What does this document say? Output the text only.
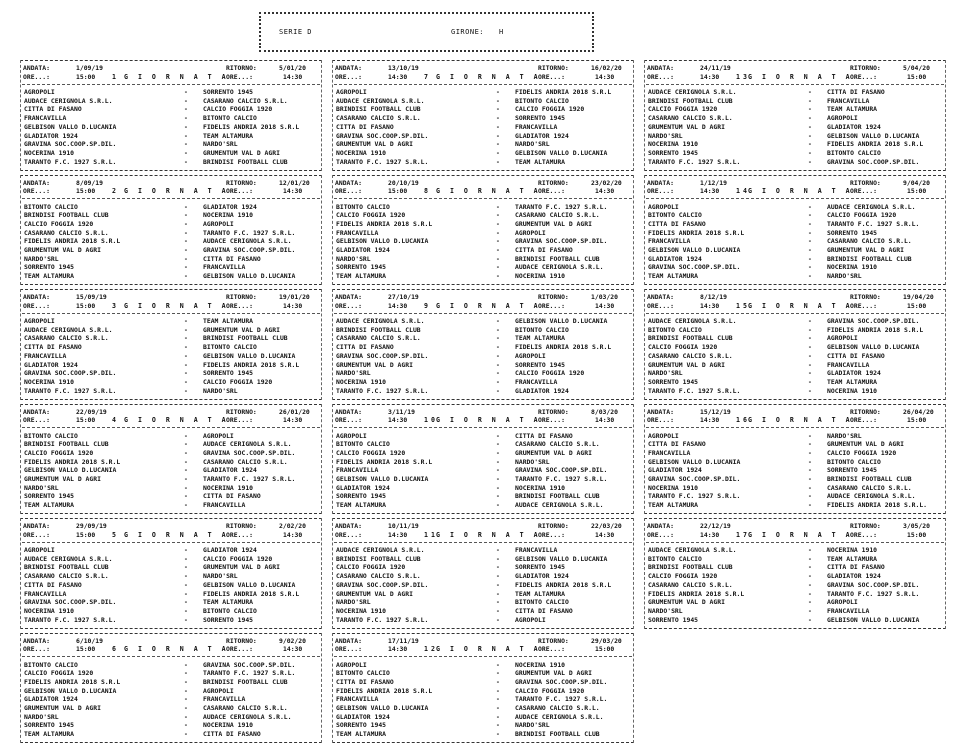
SERIE D	GIRONE: H
ANDATA:	1/09/19	RITORNO:	5/01/20
ORE...:	15:00	1 G I O R N A T A
ORE...:	14:30
AGROPOLI	- SORRENTO 1945
AUDACE CERIGNOLA S.R.L.	- CASARANO CALCIO S.R.L.
CITTA DI FASANO	- CALCIO FOGGIA 1920
FRANCAVILLA	- BITONTO CALCIO
GELBISON VALLO D.LUCANIA	- FIDELIS ANDRIA 2018 S.R.L
GLADIATOR 1924	- TEAM ALTAMURA
GRAVINA SOC.COOP.SP.DIL.	- NARDO'SRL
NOCERINA 1910	- GRUMENTUM VAL D AGRI
TARANTO F.C. 1927 S.R.L.	- BRINDISI FOOTBALL CLUB
ANDATA:	8/09/19	RITORNO:	12/01/20
ORE...:	15:00	2 G I O R N A T A
ORE...:	14:30
BITONTO CALCIO	- GLADIATOR 1924
BRINDISI FOOTBALL CLUB	- NOCERINA 1910
CALCIO FOGGIA 1920	- AGROPOLI
CASARANO CALCIO S.R.L.	- TARANTO F.C. 1927 S.R.L.
FIDELIS ANDRIA 2018 S.R.L	- AUDACE CERIGNOLA S.R.L.
GRUMENTUM VAL D AGRI	- GRAVINA SOC.COOP.SP.DIL.
NARDO'SRL	- CITTA DI FASANO
SORRENTO 1945	- FRANCAVILLA
TEAM ALTAMURA	- GELBISON VALLO D.LUCANIA
ANDATA:	15/09/19	RITORNO:	19/01/20
ORE...:	15:00	3 G I O R N A T A
ORE...:	14:30
AGROPOLI	- TEAM ALTAMURA
AUDACE CERIGNOLA S.R.L.	- GRUMENTUM VAL D AGRI
CASARANO CALCIO S.R.L.	- BRINDISI FOOTBALL CLUB
CITTA DI FASANO	- BITONTO CALCIO
FRANCAVILLA	- GELBISON VALLO D.LUCANIA
GLADIATOR 1924	- FIDELIS ANDRIA 2018 S.R.L
GRAVINA SOC.COOP.SP.DIL.	- SORRENTO 1945
NOCERINA 1910	- CALCIO FOGGIA 1920
TARANTO F.C. 1927 S.R.L.	- NARDO'SRL
ANDATA:	22/09/19	RITORNO:	26/01/20
ORE...:	15:00	4 G I O R N A T A
ORE...:	14:30
BITONTO CALCIO	- AGROPOLI
BRINDISI FOOTBALL CLUB	- AUDACE CERIGNOLA S.R.L.
CALCIO FOGGIA 1920	- GRAVINA SOC.COOP.SP.DIL.
FIDELIS ANDRIA 2018 S.R.L	- CASARANO CALCIO S.R.L.
GELBISON VALLO D.LUCANIA	- GLADIATOR 1924
GRUMENTUM VAL D AGRI	- TARANTO F.C. 1927 S.R.L.
NARDO'SRL	- NOCERINA 1910
SORRENTO 1945	- CITTA DI FASANO
TEAM ALTAMURA	- FRANCAVILLA
ANDATA:	29/09/19	RITORNO:	2/02/20
ORE...:	15:00	5 G I O R N A T A
ORE...:	14:30
AGROPOLI	- GLADIATOR 1924
AUDACE CERIGNOLA S.R.L.	- CALCIO FOGGIA 1920
BRINDISI FOOTBALL CLUB	- GRUMENTUM VAL D AGRI
CASARANO CALCIO S.R.L.	- NARDO'SRL
CITTA DI FASANO	- GELBISON VALLO D.LUCANIA
FRANCAVILLA	- FIDELIS ANDRIA 2018 S.R.L
GRAVINA SOC.COOP.SP.DIL.	- TEAM ALTAMURA
NOCERINA 1910	- BITONTO CALCIO
TARANTO F.C. 1927 S.R.L.	- SORRENTO 1945
ANDATA:	6/10/19	RITORNO:	9/02/20
ORE...:	15:00	6 G I O R N A T A
ORE...:	14:30
BITONTO CALCIO	- GRAVINA SOC.COOP.SP.DIL.
CALCIO FOGGIA 1920	- TARANTO F.C. 1927 S.R.L.
FIDELIS ANDRIA 2018 S.R.L	- BRINDISI FOOTBALL CLUB
GELBISON VALLO D.LUCANIA	- AGROPOLI
GLADIATOR 1924	- FRANCAVILLA
GRUMENTUM VAL D AGRI	- CASARANO CALCIO S.R.L.
NARDO'SRL	- AUDACE CERIGNOLA S.R.L.
SORRENTO 1945	- NOCERINA 1910
TEAM ALTAMURA	- CITTA DI FASANO
ANDATA:	13/10/19	RITORNO:	16/02/20
ORE...:	14:30	7 G I O R N A T A
ORE...:	14:30
AGROPOLI	- FIDELIS ANDRIA 2018 S.R.L
AUDACE CERIGNOLA S.R.L.	- BITONTO CALCIO
BRINDISI FOOTBALL CLUB	- CALCIO FOGGIA 1920
CASARANO CALCIO S.R.L.	- SORRENTO 1945
CITTA DI FASANO	- FRANCAVILLA
GRAVINA SOC.COOP.SP.DIL.	- GLADIATOR 1924
GRUMENTUM VAL D AGRI	- NARDO'SRL
NOCERINA 1910	- GELBISON VALLO D.LUCANIA
TARANTO F.C. 1927 S.R.L.	- TEAM ALTAMURA
ANDATA:	20/10/19	RITORNO:	23/02/20
ORE...:	15:00	8 G I O R N A T A
ORE...:	14:30
BITONTO CALCIO	- TARANTO F.C. 1927 S.R.L.
CALCIO FOGGIA 1920	- CASARANO CALCIO S.R.L.
FIDELIS ANDRIA 2018 S.R.L	- GRUMENTUM VAL D AGRI
FRANCAVILLA	- AGROPOLI
GELBISON VALLO D.LUCANIA	- GRAVINA SOC.COOP.SP.DIL.
GLADIATOR 1924	- CITTA DI FASANO
NARDO'SRL	- BRINDISI FOOTBALL CLUB
SORRENTO 1945	- AUDACE CERIGNOLA S.R.L.
TEAM ALTAMURA	- NOCERINA 1910
ANDATA:	27/10/19	RITORNO:	1/03/20
ORE...:	14:30	9 G I O R N A T A
ORE...:	14:30
AUDACE CERIGNOLA S.R.L.	- GELBISON VALLO D.LUCANIA
BRINDISI FOOTBALL CLUB	- BITONTO CALCIO
CASARANO CALCIO S.R.L.	- TEAM ALTAMURA
CITTA DI FASANO	- FIDELIS ANDRIA 2018 S.R.L
GRAVINA SOC.COOP.SP.DIL.	- AGROPOLI
GRUMENTUM VAL D AGRI	- SORRENTO 1945
NARDO'SRL	- CALCIO FOGGIA 1920
NOCERINA 1910	- FRANCAVILLA
TARANTO F.C. 1927 S.R.L.	- GLADIATOR 1924
ANDATA:	3/11/19	RITORNO:	8/03/20
ORE...:	14:30	10
G I O R N A T A
ORE...:	14:30
AGROPOLI	- CITTA DI FASANO
BITONTO CALCIO	- CASARANO CALCIO S.R.L.
CALCIO FOGGIA 1920	- GRUMENTUM VAL D AGRI
FIDELIS ANDRIA 2018 S.R.L	- NARDO'SRL
FRANCAVILLA	- GRAVINA SOC.COOP.SP.DIL.
GELBISON VALLO D.LUCANIA	- TARANTO F.C. 1927 S.R.L.
GLADIATOR 1924	- NOCERINA 1910
SORRENTO 1945	- BRINDISI FOOTBALL CLUB
TEAM ALTAMURA	- AUDACE CERIGNOLA S.R.L.
ANDATA:	10/11/19	RITORNO:	22/03/20
ORE...:	14:30	11
G I O R N A T A
ORE...:	14:30
AUDACE CERIGNOLA S.R.L.	- FRANCAVILLA
BRINDISI FOOTBALL CLUB	- GELBISON VALLO D.LUCANIA
CALCIO FOGGIA 1920	- SORRENTO 1945
CASARANO CALCIO S.R.L.	- GLADIATOR 1924
GRAVINA SOC.COOP.SP.DIL.	- FIDELIS ANDRIA 2018 S.R.L
GRUMENTUM VAL D AGRI	- TEAM ALTAMURA
NARDO'SRL	- BITONTO CALCIO
NOCERINA 1910	- CITTA DI FASANO
TARANTO F.C. 1927 S.R.L.	- AGROPOLI
ANDATA:	17/11/19	RITORNO:	29/03/20
ORE...:	14:30	12
G I O R N A T A
ORE...:	15:00
AGROPOLI	- NOCERINA 1910
BITONTO CALCIO	- GRUMENTUM VAL D AGRI
CITTA DI FASANO	- GRAVINA SOC.COOP.SP.DIL.
FIDELIS ANDRIA 2018 S.R.L	- CALCIO FOGGIA 1920
FRANCAVILLA	- TARANTO F.C. 1927 S.R.L.
GELBISON VALLO D.LUCANIA	- CASARANO CALCIO S.R.L.
GLADIATOR 1924	- AUDACE CERIGNOLA S.R.L.
SORRENTO 1945	- NARDO'SRL
TEAM ALTAMURA	- BRINDISI FOOTBALL CLUB
ANDATA:	24/11/19	RITORNO:	5/04/20
ORE...:	14:30	13
G I O R N A T A
ORE...:	15:00
AUDACE CERIGNOLA S.R.L.	- CITTA DI FASANO
BRINDISI FOOTBALL CLUB	- FRANCAVILLA
CALCIO FOGGIA 1920	- TEAM ALTAMURA
CASARANO CALCIO S.R.L.	- AGROPOLI
GRUMENTUM VAL D AGRI	- GLADIATOR 1924
NARDO'SRL	- GELBISON VALLO D.LUCANIA
NOCERINA 1910	- FIDELIS ANDRIA 2018 S.R.L
SORRENTO 1945	- BITONTO CALCIO
TARANTO F.C. 1927 S.R.L.	- GRAVINA SOC.COOP.SP.DIL.
ANDATA:	1/12/19	RITORNO:	9/04/20
ORE...:	14:30	14
G I O R N A T A
ORE...:	15:00
AGROPOLI	- AUDACE CERIGNOLA S.R.L.
BITONTO CALCIO	- CALCIO FOGGIA 1920
CITTA DI FASANO	- TARANTO F.C. 1927 S.R.L.
FIDELIS ANDRIA 2018 S.R.L	- SORRENTO 1945
FRANCAVILLA	- CASARANO CALCIO S.R.L.
GELBISON VALLO D.LUCANIA	- GRUMENTUM VAL D AGRI
GLADIATOR 1924	- BRINDISI FOOTBALL CLUB
GRAVINA SOC.COOP.SP.DIL.	- NOCERINA 1910
TEAM ALTAMURA	- NARDO'SRL
ANDATA:	8/12/19	RITORNO:	19/04/20
ORE...:	14:30	15
G I O R N A T A
ORE...:	15:00
AUDACE CERIGNOLA S.R.L.	- GRAVINA SOC.COOP.SP.DIL.
BITONTO CALCIO	- FIDELIS ANDRIA 2018 S.R.L
BRINDISI FOOTBALL CLUB	- AGROPOLI
CALCIO FOGGIA 1920	- GELBISON VALLO D.LUCANIA
CASARANO CALCIO S.R.L.	- CITTA DI FASANO
GRUMENTUM VAL D AGRI	- FRANCAVILLA
NARDO'SRL	- GLADIATOR 1924
SORRENTO 1945	- TEAM ALTAMURA
TARANTO F.C. 1927 S.R.L.	- NOCERINA 1910
ANDATA:	15/12/19	RITORNO:	26/04/20
ORE...:	14:30	16
G I O R N A T A
ORE...:	15:00
AGROPOLI	- NARDO'SRL
CITTA DI FASANO	- GRUMENTUM VAL D AGRI
FRANCAVILLA	- CALCIO FOGGIA 1920
GELBISON VALLO D.LUCANIA	- BITONTO CALCIO
GLADIATOR 1924	- SORRENTO 1945
GRAVINA SOC.COOP.SP.DIL.	- BRINDISI FOOTBALL CLUB
NOCERINA 1910	- CASARANO CALCIO S.R.L.
TARANTO F.C. 1927 S.R.L.	- AUDACE CERIGNOLA S.R.L.
TEAM ALTAMURA	- FIDELIS ANDRIA 2018 S.R.L.
ANDATA:	22/12/19	RITORNO:	3/05/20
ORE...:	14:30	17
G I O R N A T A
ORE...:	15:00
AUDACE CERIGNOLA S.R.L.	- NOCERINA 1910
BITONTO CALCIO	- TEAM ALTAMURA
BRINDISI FOOTBALL CLUB	- CITTA DI FASANO
CALCIO FOGGIA 1920	- GLADIATOR 1924
CASARANO CALCIO S.R.L.	- GRAVINA SOC.COOP.SP.DIL.
FIDELIS ANDRIA 2018 S.R.L	- TARANTO F.C. 1927 S.R.L.
GRUMENTUM VAL D AGRI	- AGROPOLI
NARDO'SRL	- FRANCAVILLA
SORRENTO 1945	- GELBISON VALLO D.LUCANIA
